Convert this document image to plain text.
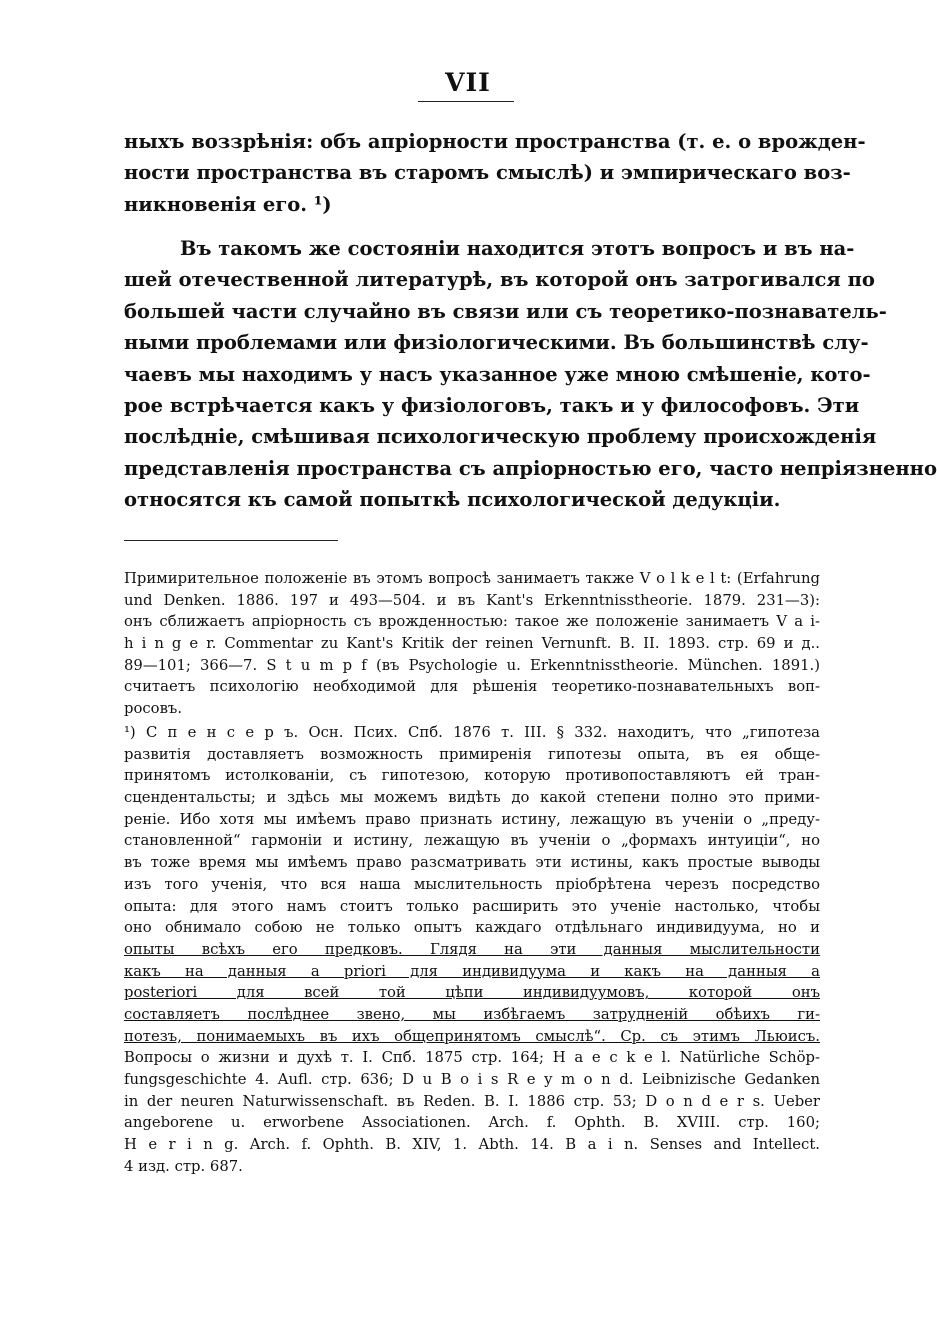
VII
ныхъ воззрѣнія: объ апріорности пространства (т. е. о врожден-
ности пространства въ старомъ смыслѣ) и эмпирическаго воз-
никновенія его. ¹)
Въ такомъ же состояніи находится этотъ вопросъ и въ на-
шей отечественной литературѣ, въ которой онъ затрогивался по
большей части случайно въ связи или съ теоретико-познаватель-
ными проблемами или физіологическими. Въ большинствѣ слу-
чаевъ мы находимъ у насъ указанное уже мною смѣшеніе, кото-
рое встрѣчается какъ у физіологовъ, такъ и у философовъ. Эти
послѣдніе, смѣшивая психологическую проблему происхожденія
представленія пространства съ апріорностью его, часто непріязненно
относятся къ самой попыткѣ психологической дедукціи.
Примирительное положеніе въ этомъ вопросѣ занимаетъ также V o l k e l t: (Erfahrung
und Denken. 1886. 197 и 493—504. и въ Kant's Erkenntnisstheorie. 1879. 231—3):
онъ сближаетъ апріорность съ врожденностью: такое же положеніе занимаетъ V a i-
h i n g e r. Commentar zu Kant's Kritik der reinen Vernunft. B. II. 1893. стр. 69 и д..
89—101; 366—7. S t u m p f (въ Psychologie u. Erkenntnisstheorie. München. 1891.)
считаетъ психологію необходимой для рѣшенія теоретико-познавательныхъ воп-
росовъ.
¹) С п е н с е р ъ. Осн. Псих. Спб. 1876 т. III. § 332. находитъ, что „гипотеза
развитія доставляетъ возможность примиренія гипотезы опыта, въ ея обще-
принятомъ истолкованіи, съ гипотезою, которую противопоставляютъ ей тран-
сцендентальсты; и здѣсь мы можемъ видѣть до какой степени полно это прими-
реніе. Ибо хотя мы имѣемъ право признать истину, лежащую въ ученіи о „преду-
становленной“ гармоніи и истину, лежащую въ ученіи о „формахъ интуиціи“, но
въ тоже время мы имѣемъ право разсматривать эти истины, какъ простые выводы
изъ того ученія, что вся наша мыслительность пріобрѣтена черезъ посредство
опыта: для этого намъ стоитъ только расширить это ученіе настолько, чтобы
оно обнимало собою не только опытъ каждаго отдѣльнаго индивидуума, но и
опыты всѣхъ его предковъ. Глядя на эти данныя мыслительности
какъ на данныя a priori для индивидуума и какъ на данныя a
posteriori для всей той цѣпи индивидуумовъ, которой онъ
составляетъ послѣднее звено, мы избѣгаемъ затрудненій обѣихъ ги-
потезъ, понимаемыхъ въ ихъ общепринятомъ смыслѣ“. Ср. съ этимъ Льюисъ.
Вопросы о жизни и духѣ т. I. Спб. 1875 стр. 164; H a e c k e l. Natürliche Schöp-
fungsgeschichte 4. Aufl. стр. 636; D u B o i s R e y m o n d. Leibnizische Gedanken
in der neuren Naturwissenschaft. въ Reden. B. I. 1886 стр. 53; D o n d e r s. Ueber
angeborene u. erworbene Associationen. Arch. f. Ophth. B. XVIII. стр. 160;
H e r i n g. Arch. f. Ophth. B. XIV, 1. Abth. 14. B a i n. Senses and Intellect.
4 изд. стр. 687.
